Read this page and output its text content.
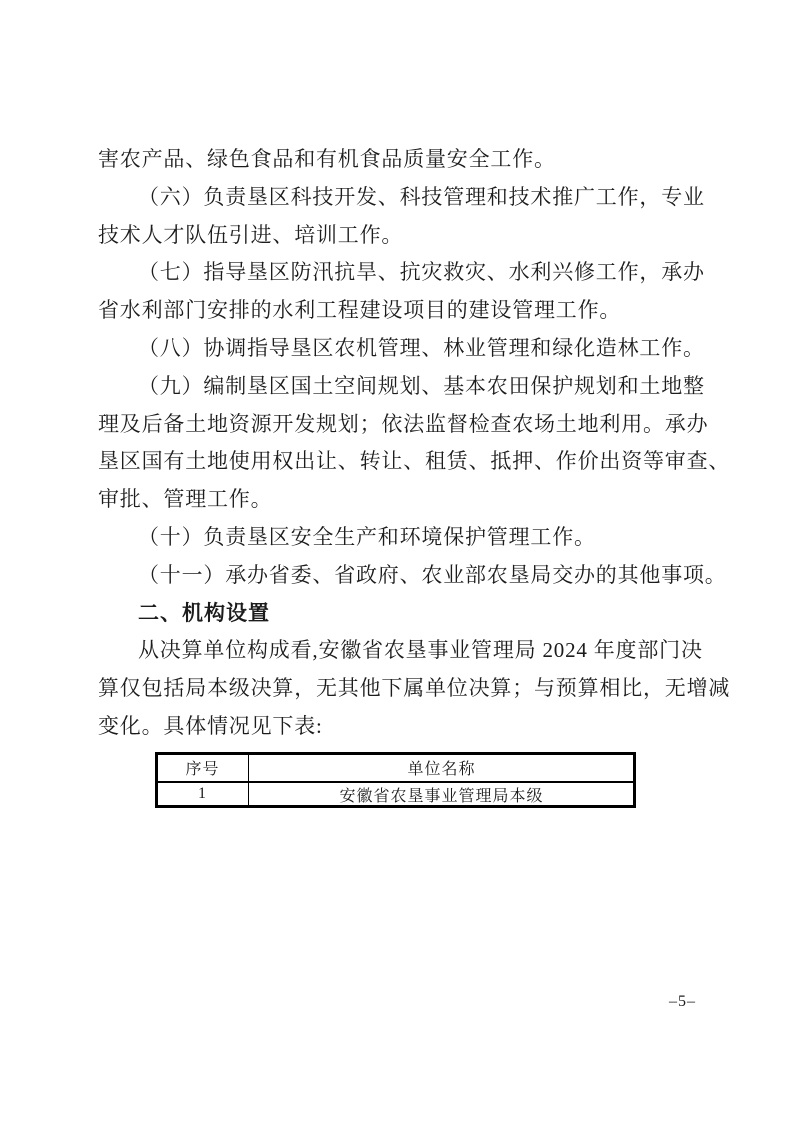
害农产品、绿色食品和有机食品质量安全工作。
（六）负责垦区科技开发、科技管理和技术推广工作，专业
技术人才队伍引进、培训工作。
（七）指导垦区防汛抗旱、抗灾救灾、水利兴修工作，承办
省水利部门安排的水利工程建设项目的建设管理工作。
（八）协调指导垦区农机管理、林业管理和绿化造林工作。
（九）编制垦区国土空间规划、基本农田保护规划和土地整
理及后备土地资源开发规划；依法监督检查农场土地利用。承办
垦区国有土地使用权出让、转让、租赁、抵押、作价出资等审查、
审批、管理工作。
（十）负责垦区安全生产和环境保护管理工作。
（十一）承办省委、省政府、农业部农垦局交办的其他事项。
二、机构设置
从决算单位构成看,安徽省农垦事业管理局 2024 年度部门决
算仅包括局本级决算，无其他下属单位决算；与预算相比，无增减
变化。具体情况见下表:
序号	单位名称
1	安徽省农垦事业管理局本级
–5–
